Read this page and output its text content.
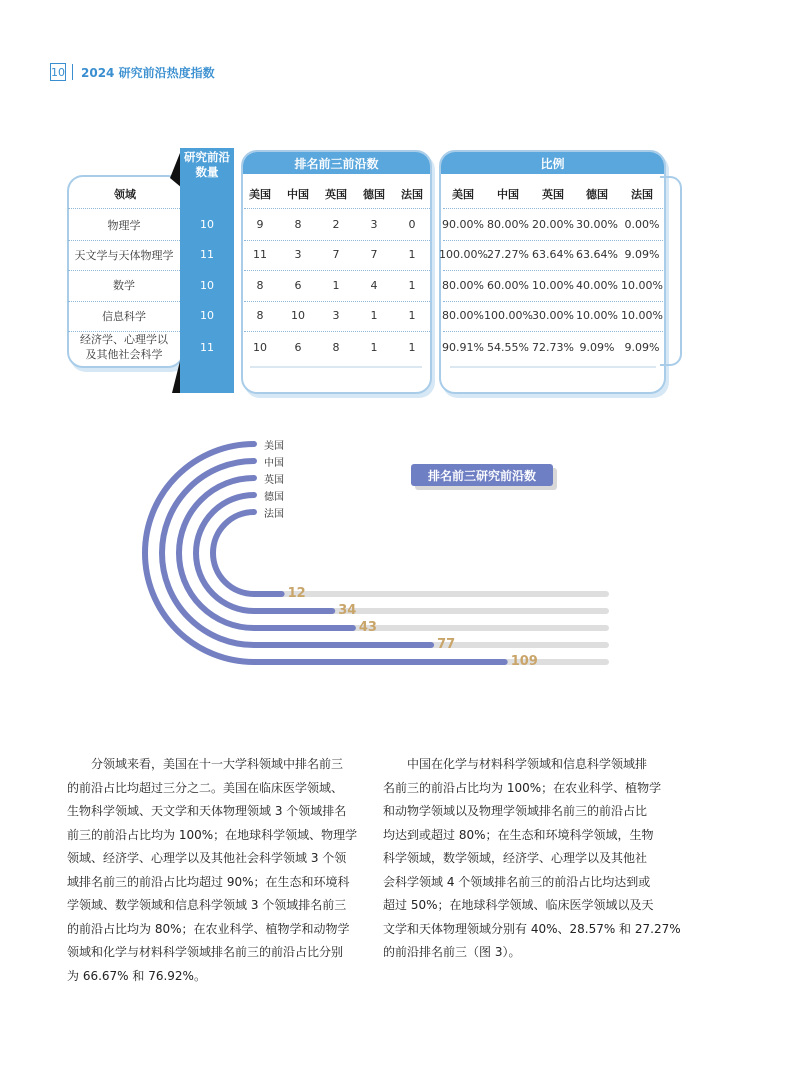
10 2024 研究前沿热度指数
领域
研究前沿数量
排名前三前沿数	比例
美国	美国
中国	中国
英国	英国
德国	德国
法国	法国
物理学	10	9	8	2	3	0	90.00% 80.00% 20.00% 30.00% 0.00%
天文学与天体物理学	11	11	3	7	7	1	100.00% 27.27% 63.64% 63.64% 9.09%
数学	10	8	6	1	4	1	80.00% 60.00% 10.00% 40.00% 10.00%
信息科学	10	8	10	3	1	1	80.00% 100.00% 30.00% 10.00% 10.00%
经济学、心理学以
及其他社会科学
11	10	6	8	1	1	90.91% 54.55% 72.73% 9.09% 9.09%
美国
109
中国
77
英国
43
德国
34
法国
12
排名前三研究前沿数
　　分领域来看，美国在十一大学科领域中排名前三
的前沿占比均超过三分之二。美国在临床医学领域、
生物科学领域、天文学和天体物理领域 3 个领域排名
前三的前沿占比均为 100%；在地球科学领域、物理学
领域、经济学、心理学以及其他社会科学领域 3 个领
域排名前三的前沿占比均超过 90%；在生态和环境科
学领域、数学领域和信息科学领域 3 个领域排名前三
的前沿占比均为 80%；在农业科学、植物学和动物学
领域和化学与材料科学领域排名前三的前沿占比分别
为 66.67% 和 76.92%。
　　中国在化学与材料科学领域和信息科学领域排
名前三的前沿占比均为 100%；在农业科学、植物学
和动物学领域以及物理学领域排名前三的前沿占比
均达到或超过 80%；在生态和环境科学领域，生物
科学领域，数学领域，经济学、心理学以及其他社
会科学领域 4 个领域排名前三的前沿占比均达到或
超过 50%；在地球科学领域、临床医学领域以及天
文学和天体物理领域分别有 40%、28.57% 和 27.27%
的前沿排名前三（图 3）。
